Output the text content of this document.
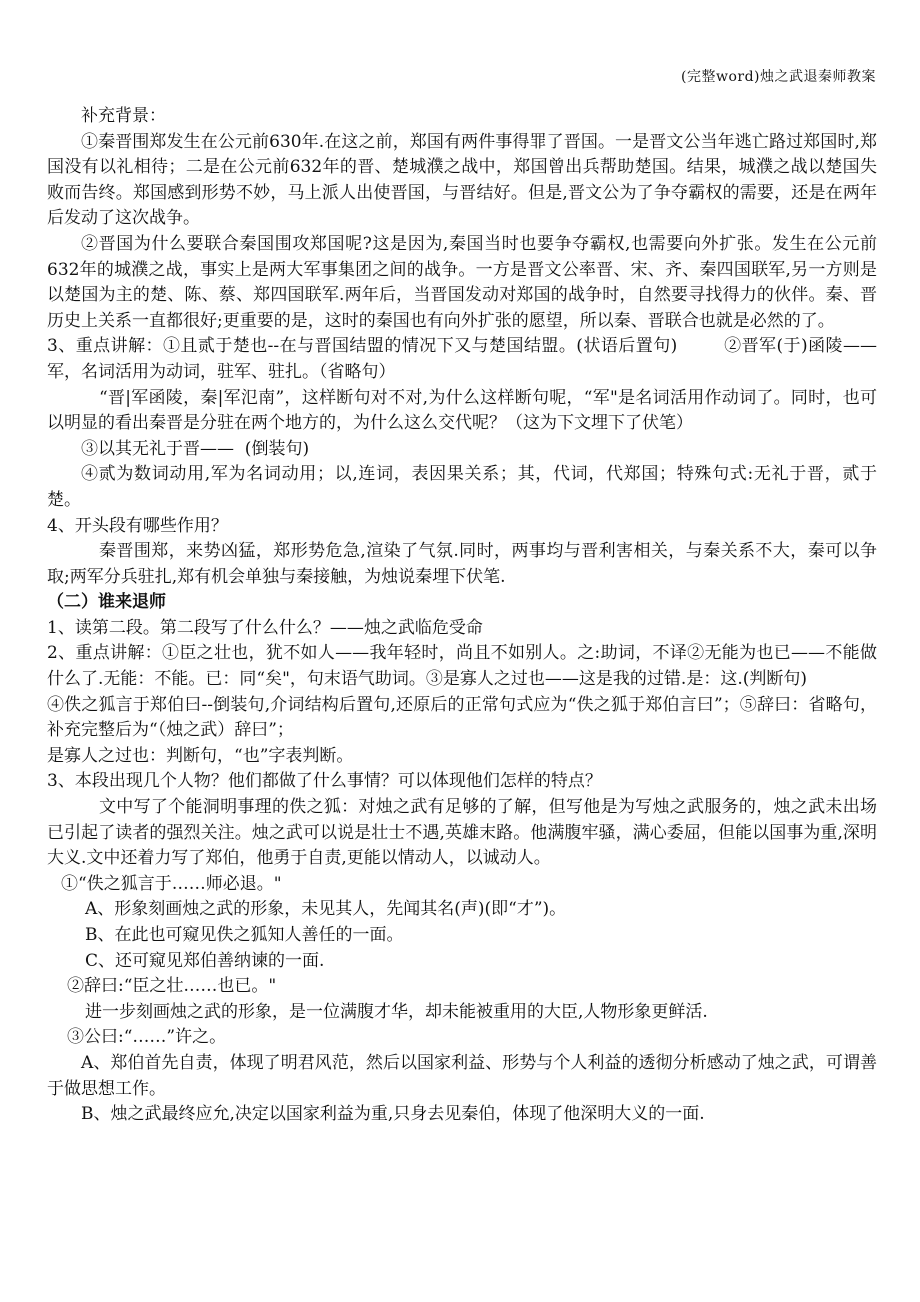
(完整word)烛之武退秦师教案

补充背景：

①秦晋围郑发生在公元前630年.在这之前，郑国有两件事得罪了晋国。一是晋文公当年逃亡路过郑国时,郑国没有以礼相待；二是在公元前632年的晋、楚城濮之战中，郑国曾出兵帮助楚国。结果，城濮之战以楚国失败而告终。郑国感到形势不妙，马上派人出使晋国，与晋结好。但是,晋文公为了争夺霸权的需要，还是在两年后发动了这次战争。

②晋国为什么要联合秦国围攻郑国呢?这是因为,秦国当时也要争夺霸权,也需要向外扩张。发生在公元前632年的城濮之战，事实上是两大军事集团之间的战争。一方是晋文公率晋、宋、齐、秦四国联军,另一方则是以楚国为主的楚、陈、蔡、郑四国联军.两年后，当晋国发动对郑国的战争时，自然要寻找得力的伙伴。秦、晋历史上关系一直都很好;更重要的是，这时的秦国也有向外扩张的愿望，所以秦、晋联合也就是必然的了。

3、重点讲解：①且贰于楚也--在与晋国结盟的情况下又与楚国结盟。(状语后置句)        ②晋军(于)函陵——军，名词活用为动词，驻军、驻扎。（省略句）

“晋|军函陵，秦|军氾南”，这样断句对不对,为什么这样断句呢，“军"是名词活用作动词了。同时，也可以明显的看出秦晋是分驻在两个地方的，为什么这么交代呢？（这为下文埋下了伏笔）

③以其无礼于晋——  (倒装句)

④贰为数词动用,军为名词动用；以,连词，表因果关系；其，代词，代郑国；特殊句式:无礼于晋，贰于楚。

4、开头段有哪些作用？

秦晋围郑，来势凶猛，郑形势危急,渲染了气氛.同时，两事均与晋利害相关，与秦关系不大，秦可以争取;两军分兵驻扎,郑有机会单独与秦接触，为烛说秦埋下伏笔.

（二）谁来退师

1、读第二段。第二段写了什么什么？——烛之武临危受命

2、重点讲解：①臣之壮也，犹不如人——我年轻时，尚且不如别人。之:助词，不译②无能为也已——不能做什么了.无能：不能。已：同“矣"，句末语气助词。③是寡人之过也——这是我的过错.是：这.(判断句)

④佚之狐言于郑伯曰--倒装句,介词结构后置句,还原后的正常句式应为“佚之狐于郑伯言曰”；⑤辞曰：省略句，补充完整后为“（烛之武）辞曰”；

是寡人之过也：判断句，“也”字表判断。

3、本段出现几个人物？他们都做了什么事情？可以体现他们怎样的特点？

文中写了个能洞明事理的佚之狐：对烛之武有足够的了解，但写他是为写烛之武服务的，烛之武未出场已引起了读者的强烈关注。烛之武可以说是壮士不遇,英雄末路。他满腹牢骚，满心委屈，但能以国事为重,深明大义.文中还着力写了郑伯，他勇于自责,更能以情动人，以诚动人。

①“佚之狐言于……师必退。"

A、形象刻画烛之武的形象，未见其人，先闻其名(声)(即“才”)。

B、在此也可窥见佚之狐知人善任的一面。

C、还可窥见郑伯善纳谏的一面.

②辞曰:“臣之壮……也已。"

进一步刻画烛之武的形象，是一位满腹才华，却未能被重用的大臣,人物形象更鲜活.

③公曰:“……”许之。

A、郑伯首先自责，体现了明君风范，然后以国家利益、形势与个人利益的透彻分析感动了烛之武，可谓善于做思想工作。

B、烛之武最终应允,决定以国家利益为重,只身去见秦伯，体现了他深明大义的一面.
